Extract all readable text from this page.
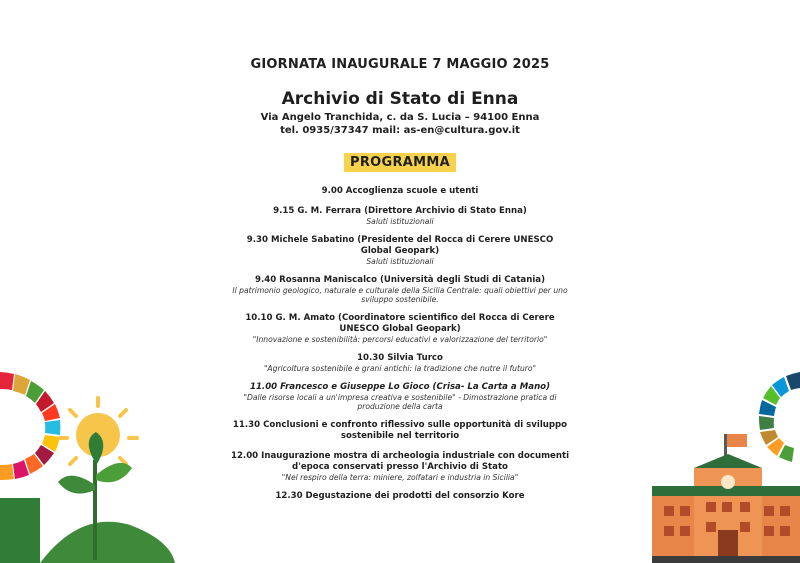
GIORNATA INAUGURALE 7 MAGGIO 2025
Archivio di Stato di Enna
Via Angelo Tranchida, c. da S. Lucia – 94100 Enna
tel. 0935/37347 mail: as-en@cultura.gov.it
PROGRAMMA
9.00 Accoglienza scuole e utenti
9.15 G. M. Ferrara (Direttore Archivio di Stato Enna)
Saluti istituzionali
9.30 Michele Sabatino (Presidente del Rocca di Cerere UNESCO Global Geopark)
Saluti istituzionali
9.40 Rosanna Maniscalco (Università degli Studi di Catania)
Il patrimonio geologico, naturale e culturale della Sicilia Centrale: quali obiettivi per uno sviluppo sostenibile.
10.10 G. M. Amato (Coordinatore scientifico del Rocca di Cerere UNESCO Global Geopark)
"Innovazione e sostenibilità: percorsi educativi e valorizzazione del territorio"
10.30 Silvia Turco
"Agricoltura sostenibile e grani antichi: la tradizione che nutre il futuro"
11.00 Francesco e Giuseppe Lo Gioco (Crisa- La Carta a Mano)
"Dalle risorse locali a un'impresa creativa e sostenibile" - Dimostrazione pratica di produzione della carta
11.30 Conclusioni e confronto riflessivo sulle opportunità di sviluppo sostenibile nel territorio
12.00 Inaugurazione mostra di archeologia industriale con documenti d'epoca conservati presso l'Archivio di Stato
"Nel respiro della terra: miniere, zolfatari e industria in Sicilia"
12.30 Degustazione dei prodotti del consorzio Kore
